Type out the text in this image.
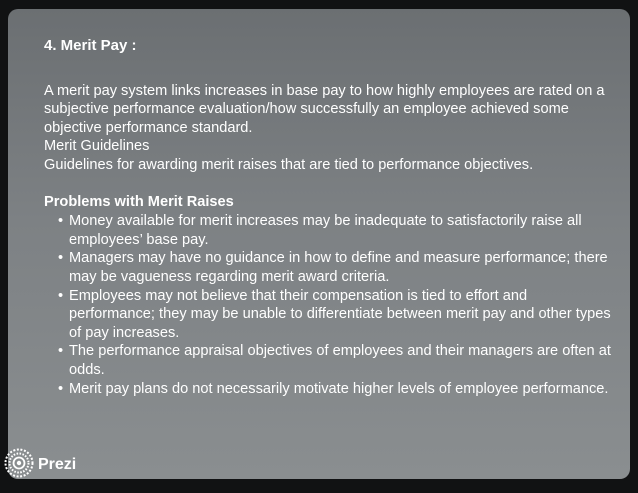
4. Merit Pay :

A merit pay system links increases in base pay to how highly employees are rated on a subjective performance evaluation/how successfully an employee achieved some objective performance standard.

Merit Guidelines

Guidelines for awarding merit raises that are tied to performance objectives.

Problems with Merit Raises
• Money available for merit increases may be inadequate to satisfactorily raise all employees’ base pay.
• Managers may have no guidance in how to define and measure performance; there may be vagueness regarding merit award criteria.
• Employees may not believe that their compensation is tied to effort and performance; they may be unable to differentiate between merit pay and other types of pay increases.
• The performance appraisal objectives of employees and their managers are often at odds.
• Merit pay plans do not necessarily motivate higher levels of employee performance.
Prezi
